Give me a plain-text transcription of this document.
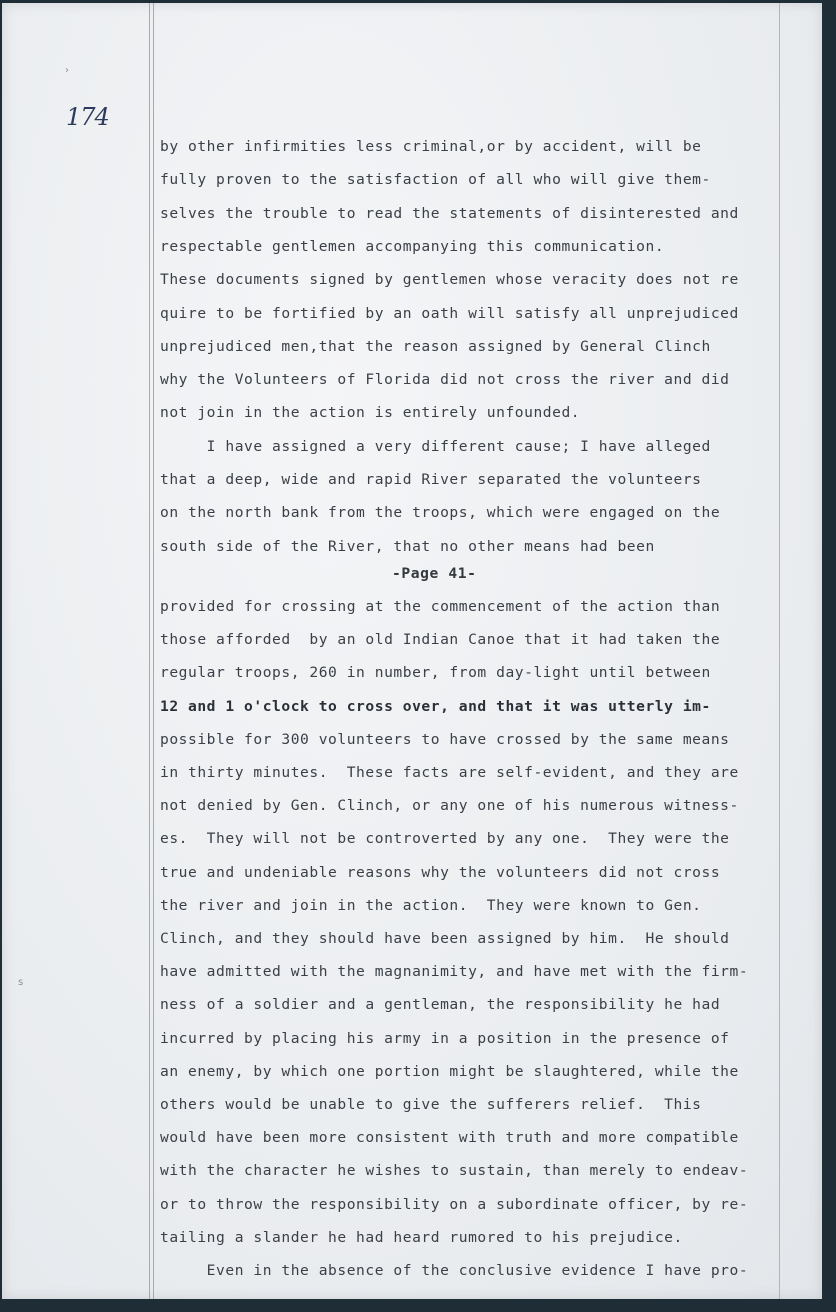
›
s
174
by other infirmities less criminal,or by accident, will be
fully proven to the satisfaction of all who will give them-
selves the trouble to read the statements of disinterested and
respectable gentlemen accompanying this communication.
These documents signed by gentlemen whose veracity does not re
quire to be fortified by an oath will satisfy all unprejudiced
unprejudiced men,that the reason assigned by General Clinch
why the Volunteers of Florida did not cross the river and did
not join in the action is entirely unfounded.
I have assigned a very different cause; I have alleged
that a deep, wide and rapid River separated the volunteers
on the north bank from the troops, which were engaged on the
south side of the River, that no other means had been
-Page 41-
provided for crossing at the commencement of the action than
those afforded  by an old Indian Canoe that it had taken the
regular troops, 260 in number, from day-light until between
12 and 1 o'clock to cross over, and that it was utterly im-
possible for 300 volunteers to have crossed by the same means
in thirty minutes.  These facts are self-evident, and they are
not denied by Gen. Clinch, or any one of his numerous witness-
es.  They will not be controverted by any one.  They were the
true and undeniable reasons why the volunteers did not cross
the river and join in the action.  They were known to Gen.
Clinch, and they should have been assigned by him.  He should
have admitted with the magnanimity, and have met with the firm-
ness of a soldier and a gentleman, the responsibility he had
incurred by placing his army in a position in the presence of
an enemy, by which one portion might be slaughtered, while the
others would be unable to give the sufferers relief.  This
would have been more consistent with truth and more compatible
with the character he wishes to sustain, than merely to endeav-
or to throw the responsibility on a subordinate officer, by re-
tailing a slander he had heard rumored to his prejudice.
Even in the absence of the conclusive evidence I have pro-
